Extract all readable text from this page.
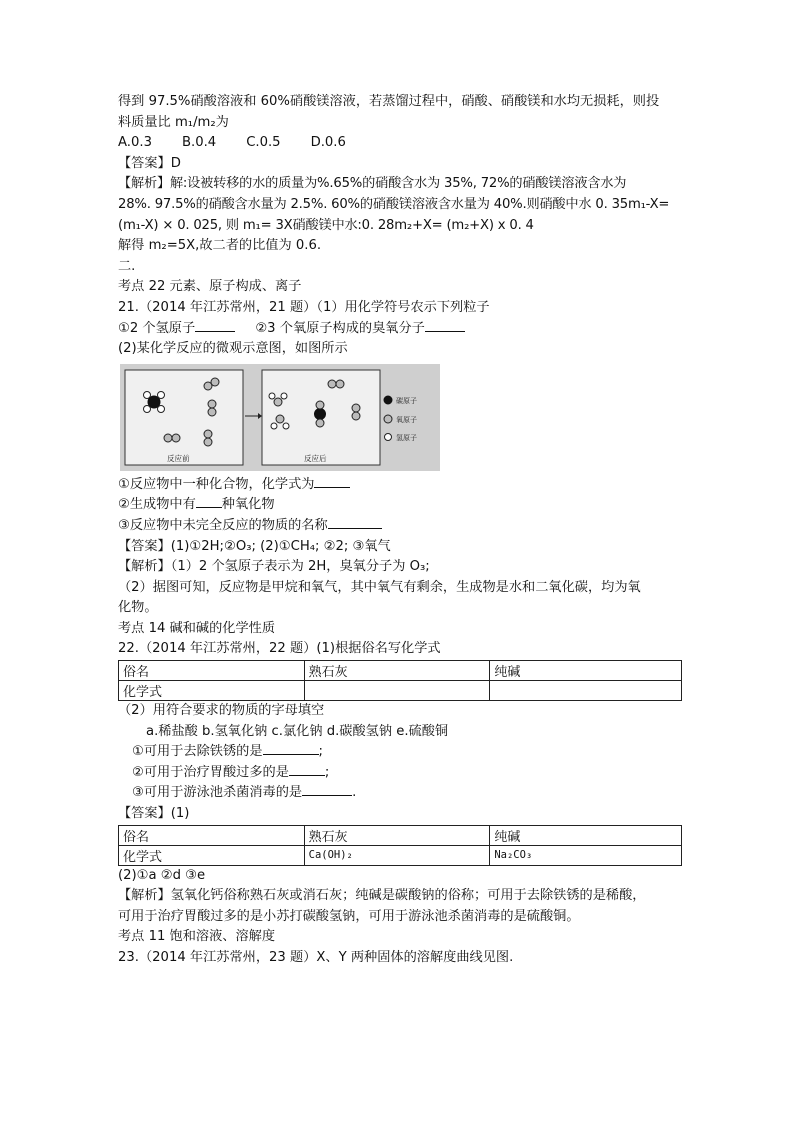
得到 97.5%硝酸溶液和 60%硝酸镁溶液，若蒸馏过程中，硝酸、硝酸镁和水均无损耗，则投
料质量比 m₁/m₂为
A.0.3 B.0.4 C.0.5 D.0.6
【答案】D
【解析】解:设被转移的水的质量为%.65%的硝酸含水为 35%, 72%的硝酸镁溶液含水为
28%. 97.5%的硝酸含水量为 2.5%. 60%的硝酸镁溶液含水量为 40%.则硝酸中水 0. 35m₁-X=
(m₁-X) × 0. 025, 则 m₁= 3X硝酸镁中水:0. 28m₂+X= (m₂+X) x 0. 4
解得 m₂=5X,故二者的比值为 0.6.
二.
考点 22 元素、原子构成、离子
21.（2014 年江苏常州，21 题）（1）用化学符号农示下列粒子
①2 个氢原子	②3 个氧原子构成的臭氧分子
(2)某化学反应的微观示意图，如图所示
反应前	反应后
碳原子
氧原子
氢原子
①反应物中一种化合物，化学式为
②生成物中有 种氧化物
③反应物中未完全反应的物质的名称
【答案】(1)①2H;②O₃; (2)①CH₄; ②2; ③氧气
【解析】（1）2 个氢原子表示为 2H，臭氧分子为 O₃;
（2）据图可知，反应物是甲烷和氧气，其中氧气有剩余，生成物是水和二氧化碳，均为氧
化物。
考点 14 碱和碱的化学性质
22.（2014 年江苏常州，22 题）(1)根据俗名写化学式
俗名	熟石灰	纯碱
化学式		
（2）用符合要求的物质的字母填空
a.稀盐酸 b.氢氧化钠 c.氯化钠 d.碳酸氢钠 e.硫酸铜
①可用于去除铁锈的是	;
②可用于治疗胃酸过多的是	;
③可用于游泳池杀菌消毒的是	.
【答案】(1)
俗名	熟石灰	纯碱
化学式	Ca(OH)₂	Na₂CO₃
(2)①a ②d ③e
【解析】氢氧化钙俗称熟石灰或消石灰；纯碱是碳酸钠的俗称；可用于去除铁锈的是稀酸，
可用于治疗胃酸过多的是小苏打碳酸氢钠，可用于游泳池杀菌消毒的是硫酸铜。
考点 11 饱和溶液、溶解度
23.（2014 年江苏常州，23 题）X、Y 两种固体的溶解度曲线见图.
